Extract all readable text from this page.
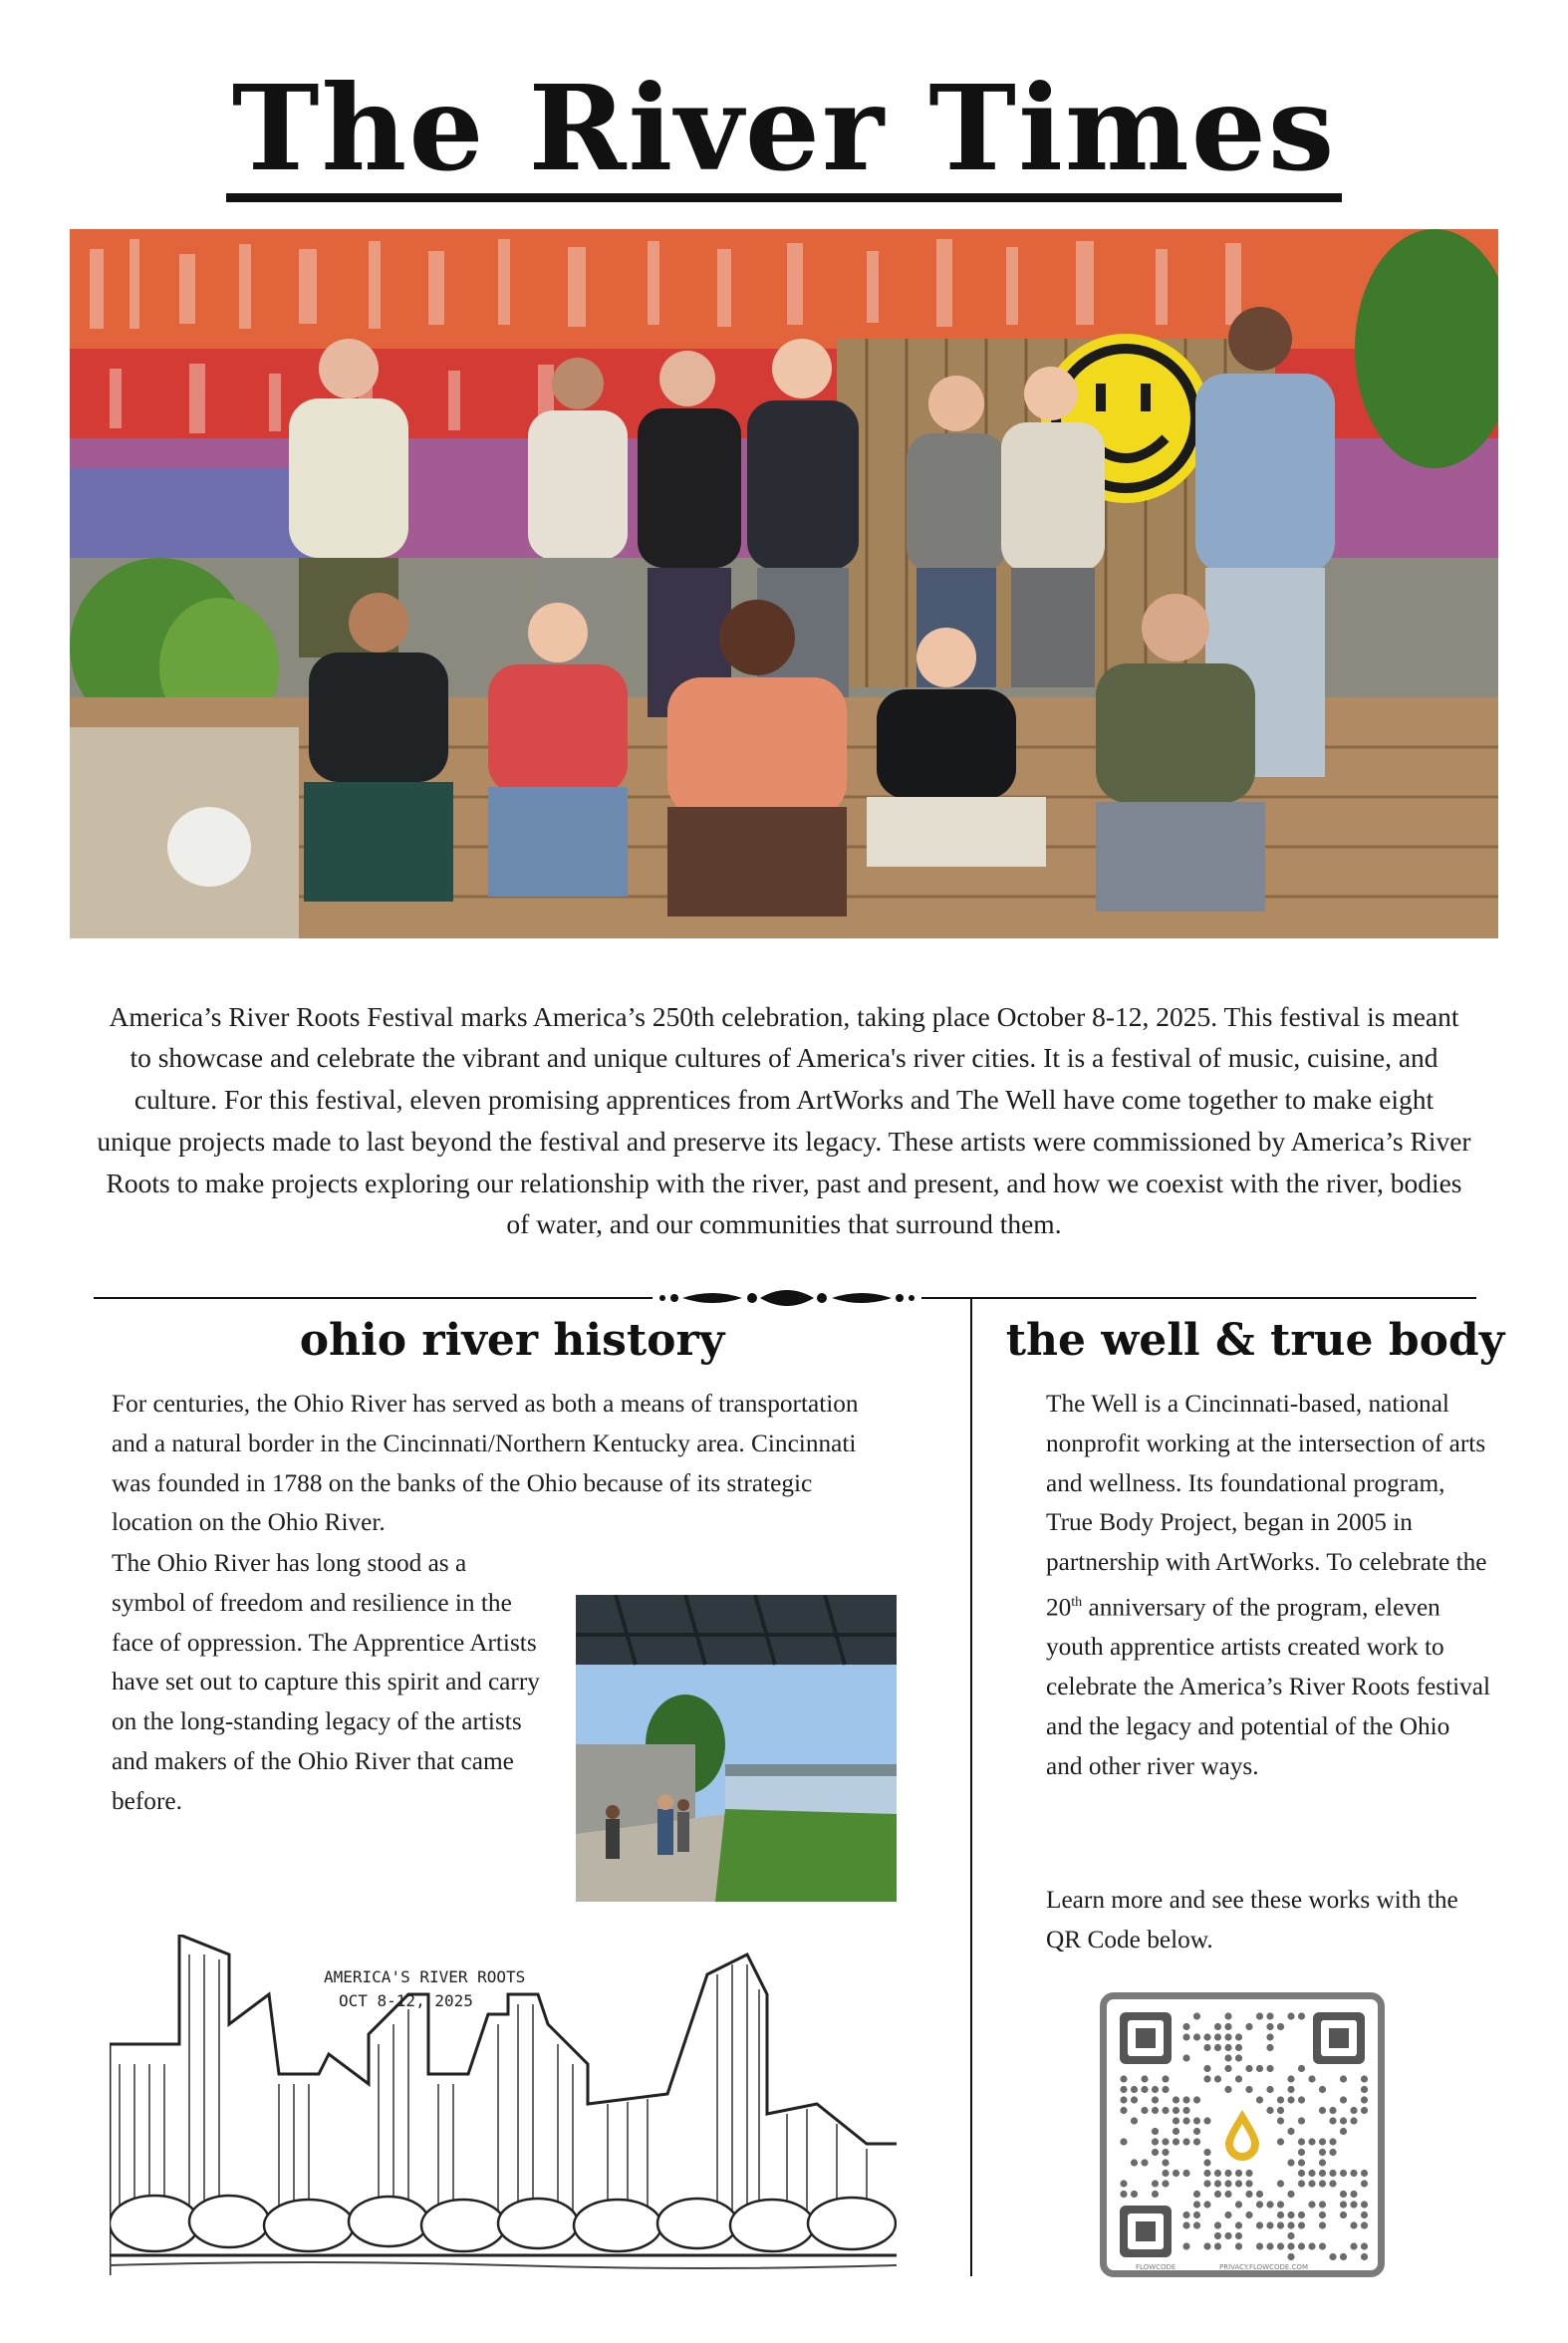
The River Times

America’s River Roots Festival marks America’s 250th celebration, taking place October 8-12, 2025. This festival is meant to showcase and celebrate the vibrant and unique cultures of America's river cities. It is a festival of music, cuisine, and culture. For this festival, eleven promising apprentices from ArtWorks and The Well have come together to make eight unique projects made to last beyond the festival and preserve its legacy. These artists were commissioned by America’s River Roots to make projects exploring our relationship with the river, past and present, and how we coexist with the river, bodies of water, and our communities that surround them.

ohio river history

For centuries, the Ohio River has served as both a means of transportation and a natural border in the Cincinnati/Northern Kentucky area. Cincinnati was founded in 1788 on the banks of the Ohio because of its strategic location on the Ohio River.

The Ohio River has long stood as a symbol of freedom and resilience in the face of oppression. The Apprentice Artists have set out to capture this spirit and carry on the long-standing legacy of the artists and makers of the Ohio River that came before.

AMERICA'S RIVER ROOTS
OCT 8-12, 2025
the well & true body

The Well is a Cincinnati-based, national nonprofit working at the intersection of arts and wellness. Its foundational program, True Body Project, began in 2005 in partnership with ArtWorks. To celebrate the 20th anniversary of the program, eleven youth apprentice artists created work to celebrate the America’s River Roots festival and the legacy and potential of the Ohio and other river ways.

Learn more and see these works with the QR Code below.

FLOWCODE	PRIVACY.FLOWCODE.COM
